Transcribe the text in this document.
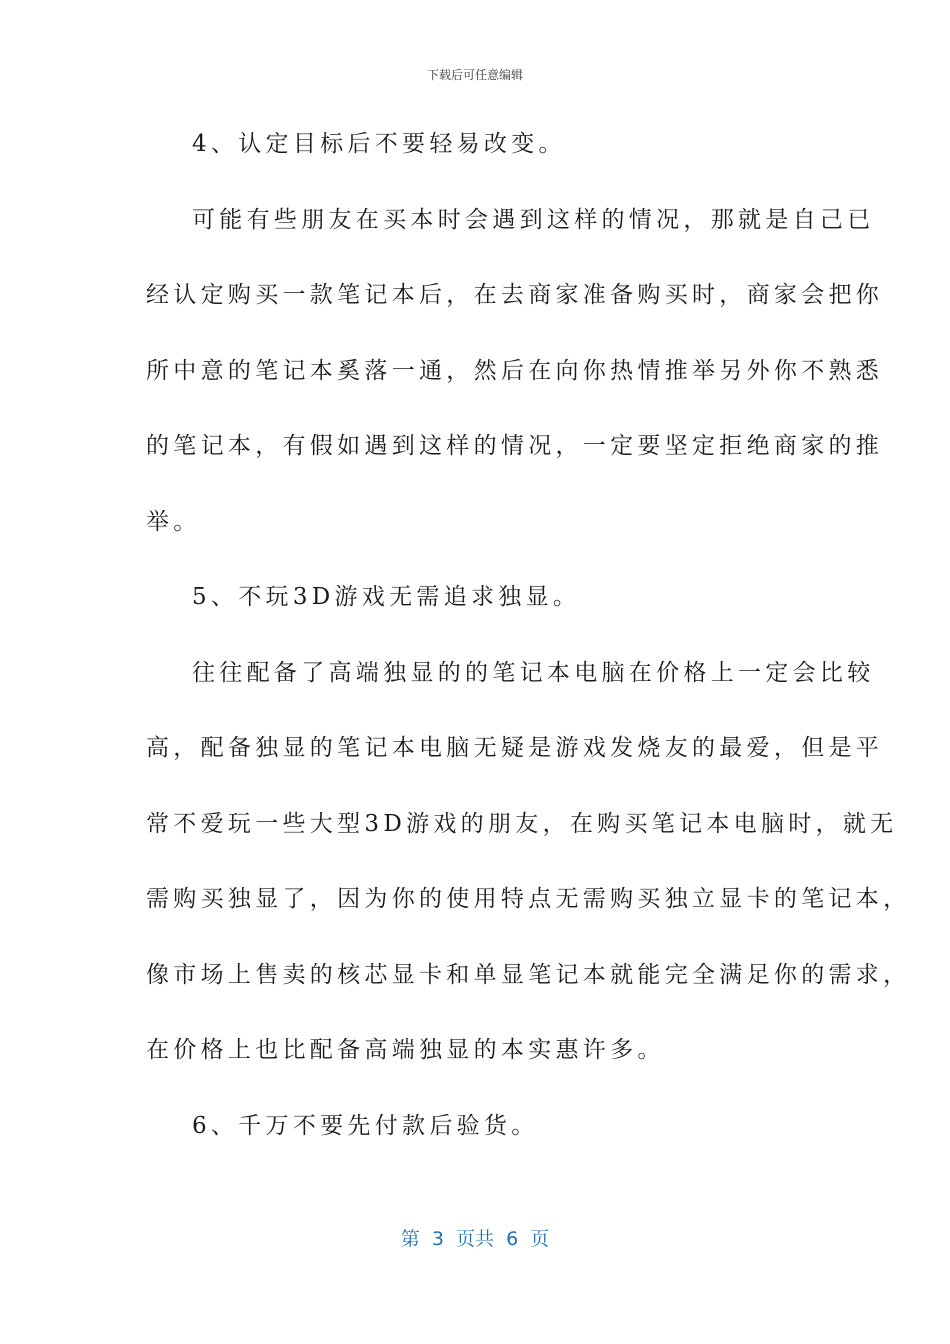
下载后可任意编辑
4、认定目标后不要轻易改变。
可能有些朋友在买本时会遇到这样的情况，那就是自己已
经认定购买一款笔记本后，在去商家准备购买时，商家会把你
所中意的笔记本奚落一通，然后在向你热情推举另外你不熟悉
的笔记本，有假如遇到这样的情况，一定要坚定拒绝商家的推
举。
5、不玩3D游戏无需追求独显。
往往配备了高端独显的的笔记本电脑在价格上一定会比较
高，配备独显的笔记本电脑无疑是游戏发烧友的最爱，但是平
常不爱玩一些大型3D游戏的朋友，在购买笔记本电脑时，就无
需购买独显了，因为你的使用特点无需购买独立显卡的笔记本，
像市场上售卖的核芯显卡和单显笔记本就能完全满足你的需求，
在价格上也比配备高端独显的本实惠许多。
6、千万不要先付款后验货。
第  3  页共  6  页
